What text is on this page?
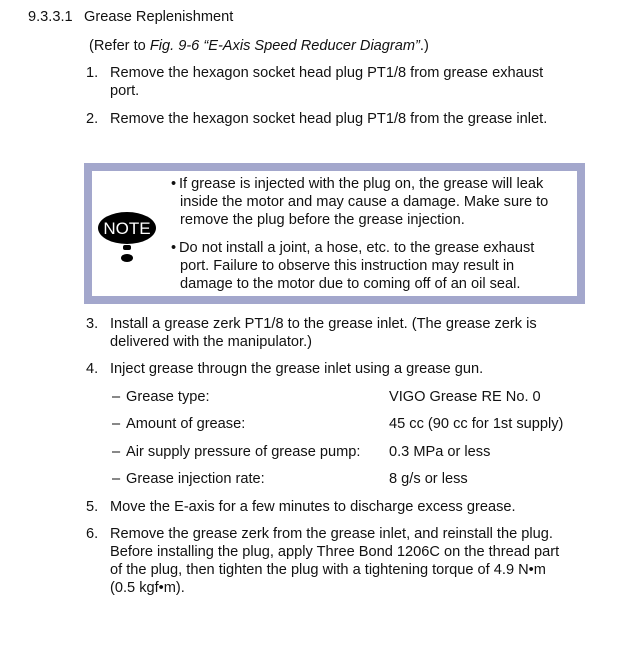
9.3.3.1 Grease Replenishment
(Refer to Fig. 9-6 “E-Axis Speed Reducer Diagram”.)
1. Remove the hexagon socket head plug PT1/8 from grease exhaust
port.
2. Remove the hexagon socket head plug PT1/8 from the grease inlet.
NOTE
• If grease is injected with the plug on, the grease will leak
inside the motor and may cause a damage. Make sure to
remove the plug before the grease injection.
• Do not install a joint, a hose, etc. to the grease exhaust
port. Failure to observe this instruction may result in
damage to the motor due to coming off of an oil seal.
3. Install a grease zerk PT1/8 to the grease inlet. (The grease zerk is
delivered with the manipulator.)
4. Inject grease througn the grease inlet using a grease gun.
– Grease type:	VIGO Grease RE No. 0
– Amount of grease:	45 cc (90 cc for 1st supply)
– Air supply pressure of grease pump: 0.3 MPa or less
– Grease injection rate:	8 g/s or less
5. Move the E-axis for a few minutes to discharge excess grease.
6. Remove the grease zerk from the grease inlet, and reinstall the plug.
Before installing the plug, apply Three Bond 1206C on the thread part
of the plug, then tighten the plug with a tightening torque of 4.9 N•m
(0.5 kgf•m).
